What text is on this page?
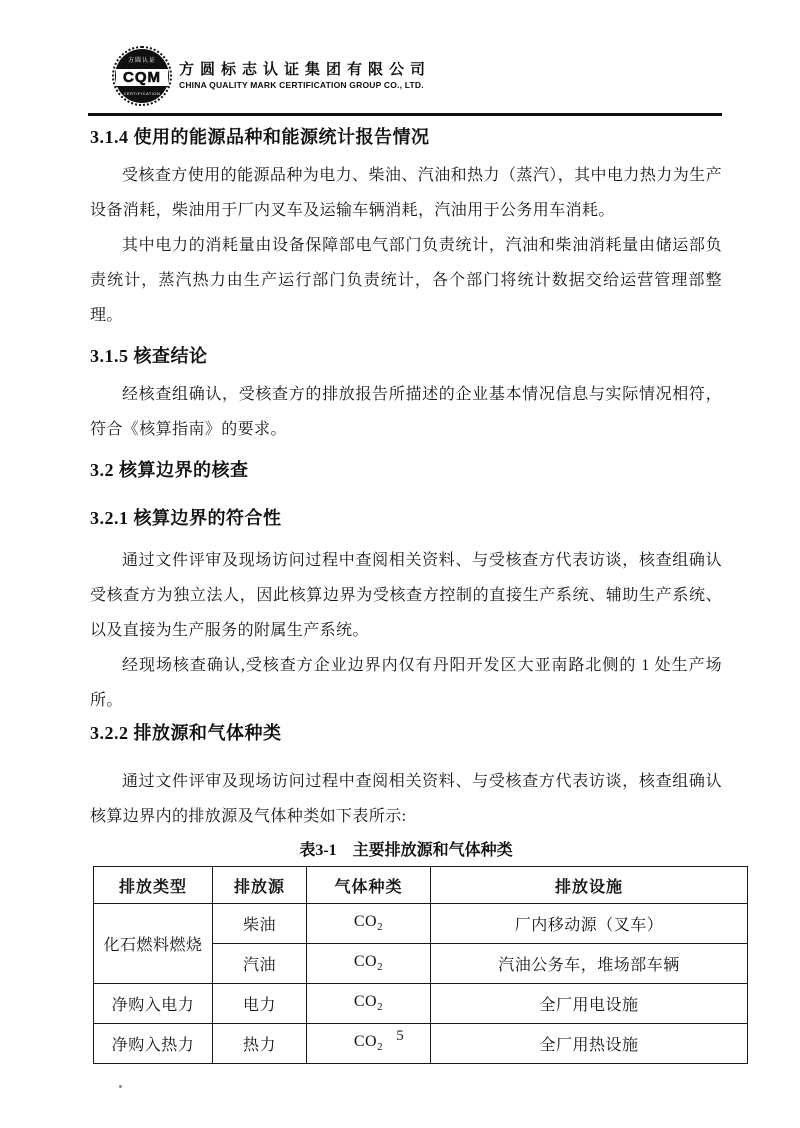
方圆认证
CQM
CERTIFICATION
方圆标志认证集团有限公司
CHINA QUALITY MARK CERTIFICATION GROUP CO., LTD.
3.1.4 使用的能源品种和能源统计报告情况

受核查方使用的能源品种为电力、柴油、汽油和热力（蒸汽），其中电力热力为生产设备消耗，柴油用于厂内叉车及运输车辆消耗，汽油用于公务用车消耗。

其中电力的消耗量由设备保障部电气部门负责统计，汽油和柴油消耗量由储运部负责统计，蒸汽热力由生产运行部门负责统计，各个部门将统计数据交给运营管理部整理。

3.1.5 核查结论

经核查组确认，受核查方的排放报告所描述的企业基本情况信息与实际情况相符，符合《核算指南》的要求。

3.2 核算边界的核查
3.2.1 核算边界的符合性

通过文件评审及现场访问过程中查阅相关资料、与受核查方代表访谈，核查组确认受核查方为独立法人，因此核算边界为受核查方控制的直接生产系统、辅助生产系统、以及直接为生产服务的附属生产系统。

经现场核查确认,受核查方企业边界内仅有丹阳开发区大亚南路北侧的 1 处生产场所。

3.2.2 排放源和气体种类

通过文件评审及现场访问过程中查阅相关资料、与受核查方代表访谈，核查组确认核算边界内的排放源及气体种类如下表所示:

表3-1　主要排放源和气体种类
排放类型	排放源	气体种类	排放设施
化石燃料燃烧	柴油	$CO_2$	厂内移动源（叉车）
	汽油	$CO_2$	汽油公务车，堆场部车辆
净购入电力	电力	$CO_2$	全厂用电设施
净购入热力	热力	$CO_2$	全厂用热设施
5
